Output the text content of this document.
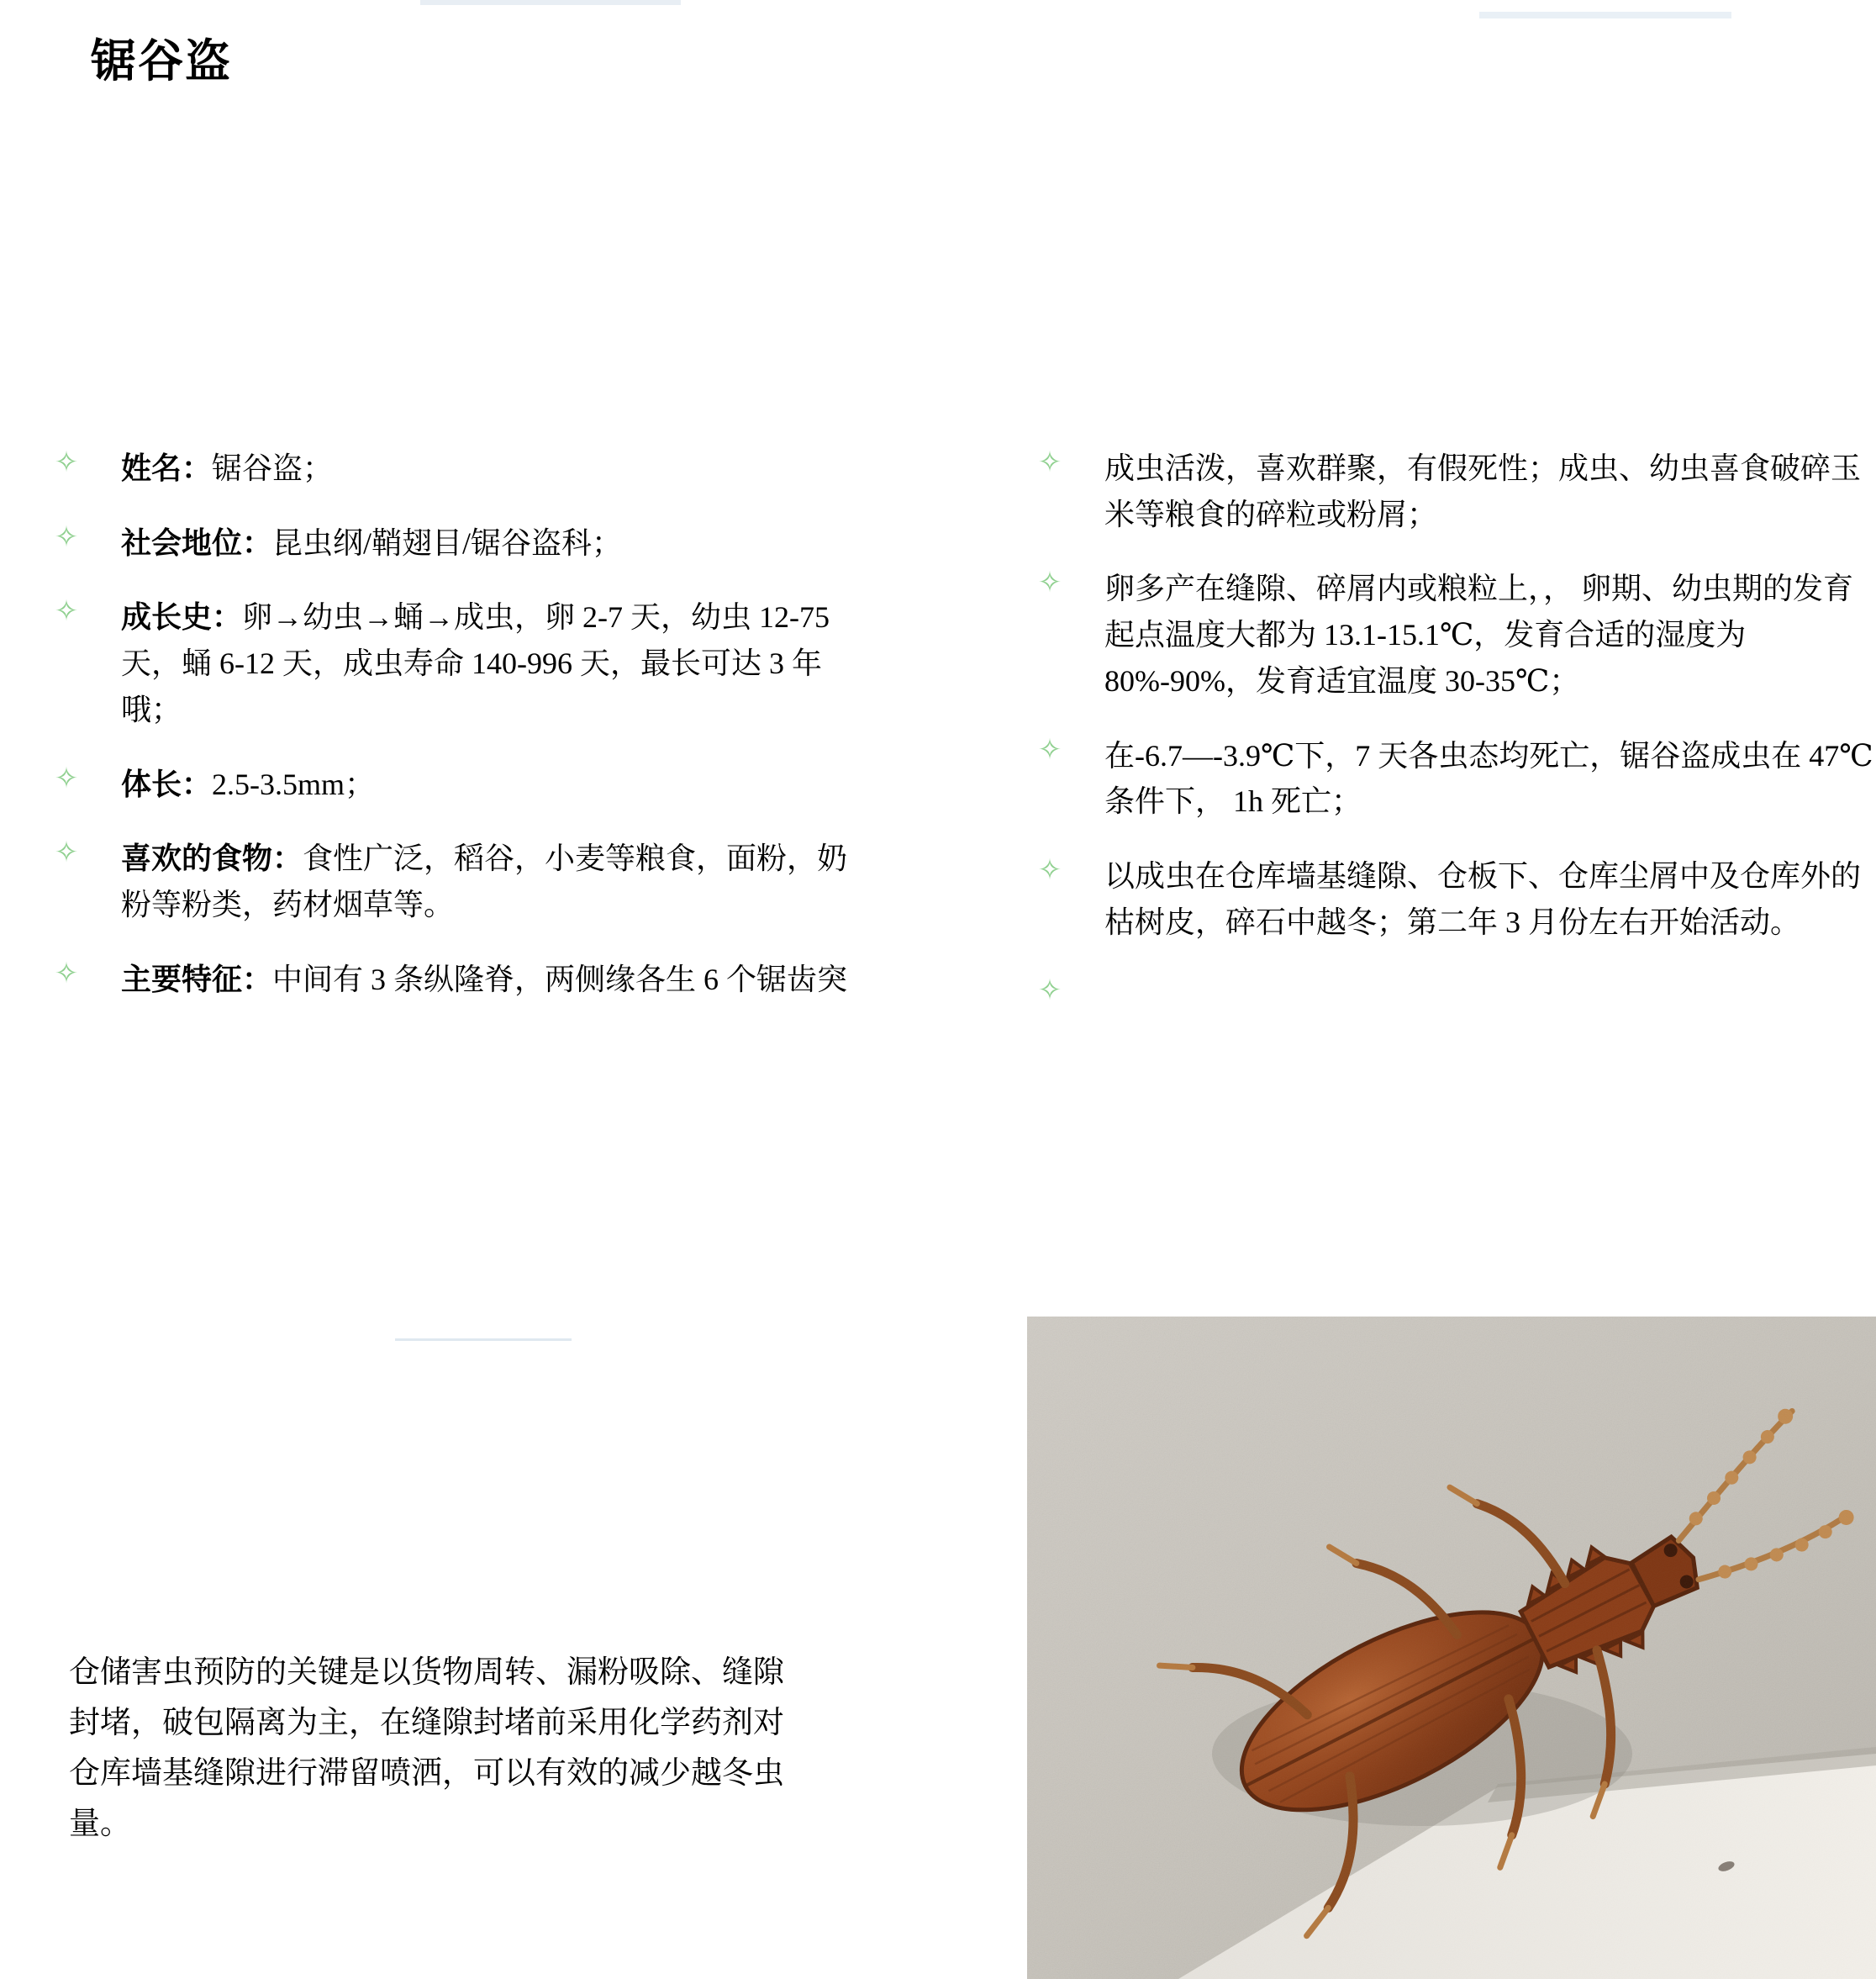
锯谷盗
✧ 姓名：锯谷盗；
✧ 社会地位：昆虫纲/鞘翅目/锯谷盗科；
✧ 成长史：卵→幼虫→蛹→成虫，卵 2-7 天，幼虫 12-75 天，蛹 6-12 天，成虫寿命 140-996 天，最长可达 3 年哦；
✧ 体长：2.5-3.5mm；
✧ 喜欢的食物：食性广泛，稻谷，小麦等粮食，面粉，奶粉等粉类，药材烟草等。
✧ 主要特征：中间有 3 条纵隆脊，两侧缘各生 6 个锯齿突
✧ 成虫活泼，喜欢群聚，有假死性；成虫、幼虫喜食破碎玉米等粮食的碎粒或粉屑；
✧ 卵多产在缝隙、碎屑内或粮粒上，， 卵期、幼虫期的发育起点温度大都为 13.1-15.1℃，发育合适的湿度为 80%-90%，发育适宜温度 30-35℃；
✧ 在-6.7—-3.9℃下，7 天各虫态均死亡，锯谷盗成虫在 47℃条件下， 1h 死亡；
✧ 以成虫在仓库墙基缝隙、仓板下、仓库尘屑中及仓库外的枯树皮，碎石中越冬；第二年 3 月份左右开始活动。
✧
仓储害虫预防的关键是以货物周转、漏粉吸除、缝隙封堵，破包隔离为主，在缝隙封堵前采用化学药剂对仓库墙基缝隙进行滞留喷洒，可以有效的减少越冬虫量。
